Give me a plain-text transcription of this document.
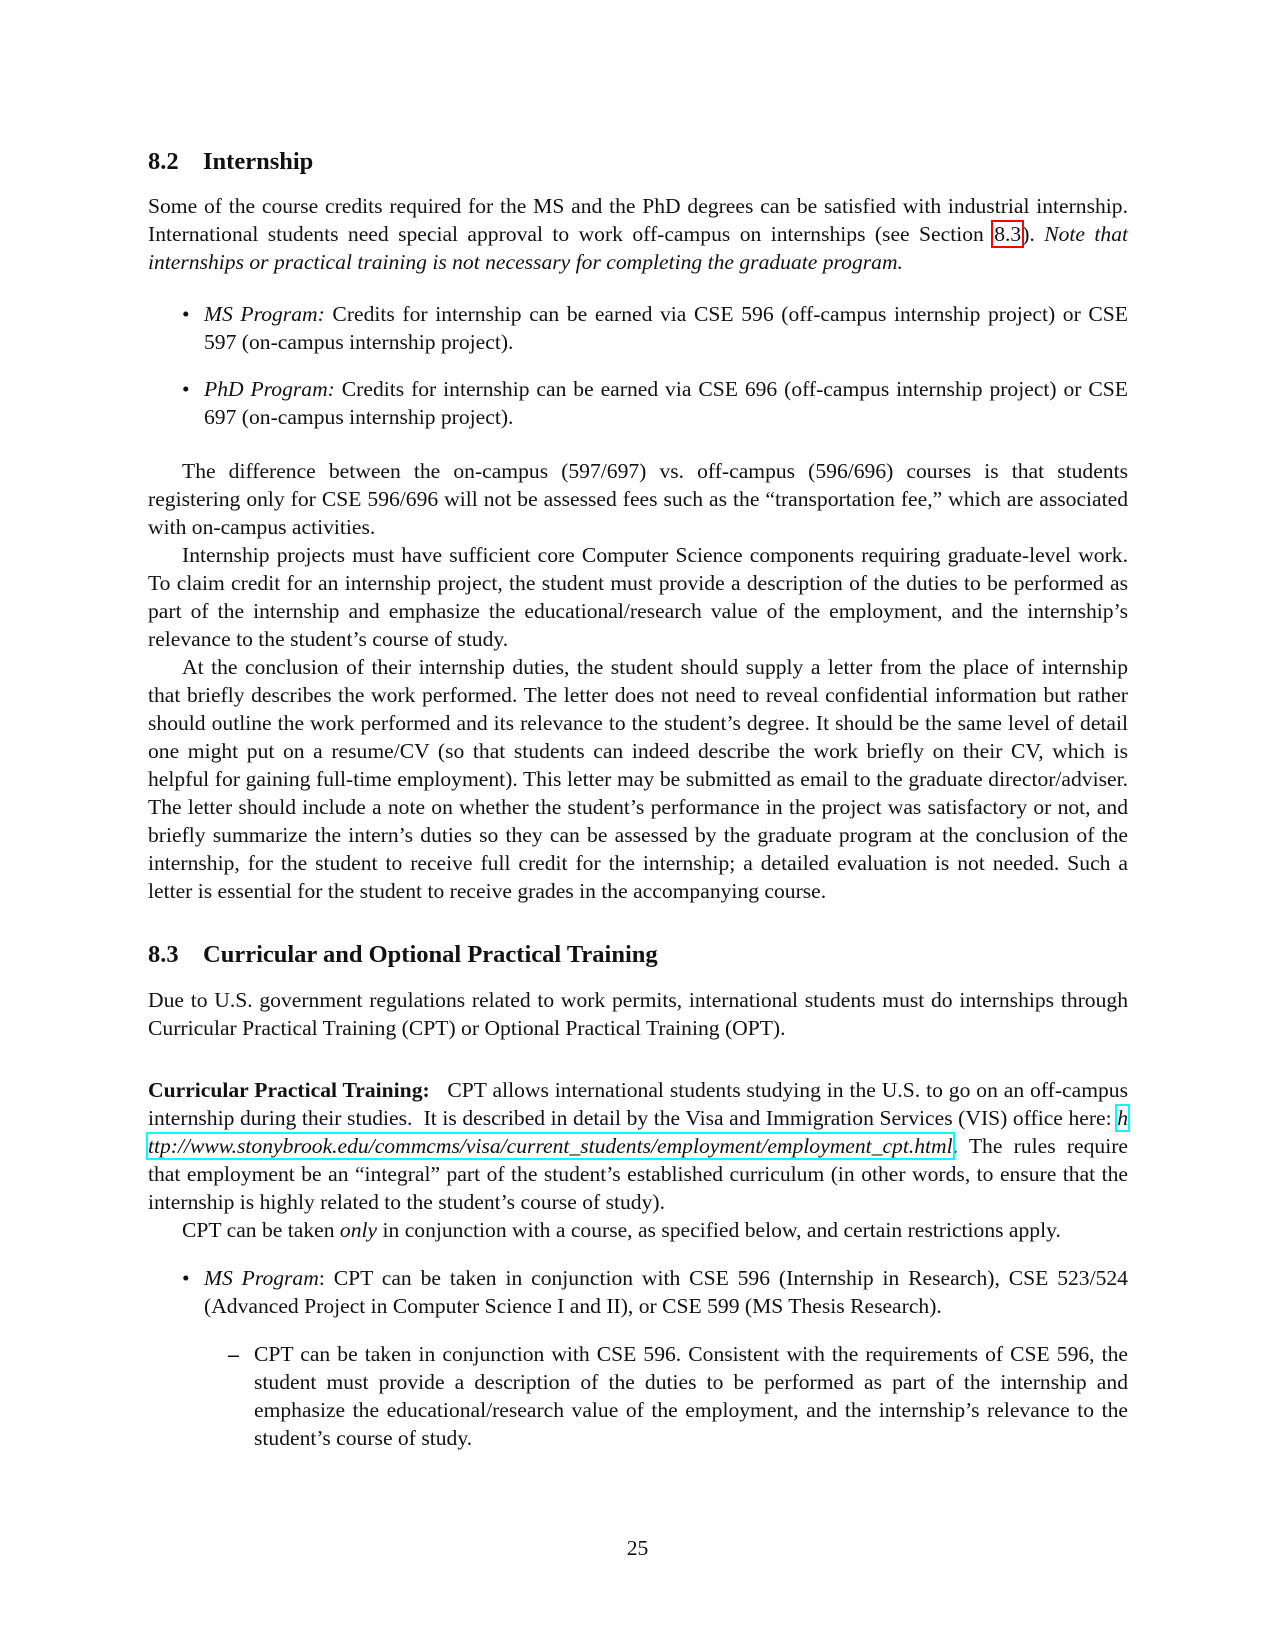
8.2 Internship

Some of the course credits required for the MS and the PhD degrees can be satisfied with industrial internship. International students need special approval to work off-campus on internships (see Section 8.3). Note that internships or practical training is not necessary for completing the graduate program.

• MS Program: Credits for internship can be earned via CSE 596 (off-campus internship project) or CSE 597 (on-campus internship project).
• PhD Program: Credits for internship can be earned via CSE 696 (off-campus internship project) or CSE 697 (on-campus internship project).

The difference between the on-campus (597/697) vs. off-campus (596/696) courses is that students registering only for CSE 596/696 will not be assessed fees such as the “transportation fee,” which are associated with on-campus activities.

Internship projects must have sufficient core Computer Science components requiring graduate-level work. To claim credit for an internship project, the student must provide a description of the duties to be performed as part of the internship and emphasize the educational/research value of the employment, and the internship’s relevance to the student’s course of study.

At the conclusion of their internship duties, the student should supply a letter from the place of internship that briefly describes the work performed. The letter does not need to reveal confidential information but rather should outline the work performed and its relevance to the student’s degree. It should be the same level of detail one might put on a resume/CV (so that students can indeed describe the work briefly on their CV, which is helpful for gaining full-time employment). This letter may be submitted as email to the graduate director/adviser. The letter should include a note on whether the student’s performance in the project was satisfactory or not, and briefly summarize the intern’s duties so they can be assessed by the graduate program at the conclusion of the internship, for the student to receive full credit for the internship; a detailed evaluation is not needed. Such a letter is essential for the student to receive grades in the accompanying course.

8.3 Curricular and Optional Practical Training

Due to U.S. government regulations related to work permits, international students must do internships through Curricular Practical Training (CPT) or Optional Practical Training (OPT).

Curricular Practical Training:   CPT allows international students studying in the U.S. to go on an off-campus internship during their studies.  It is described in detail by the Visa and Immigration Services (VIS) office here: http://www.stonybrook.edu/commcms/visa/current_students/employment/employment_cpt.html. The rules require that employment be an “integral” part of the student’s established curriculum (in other words, to ensure that the internship is highly related to the student’s course of study).

CPT can be taken only in conjunction with a course, as specified below, and certain restrictions apply.

• MS Program: CPT can be taken in conjunction with CSE 596 (Internship in Research), CSE 523/524 (Advanced Project in Computer Science I and II), or CSE 599 (MS Thesis Research).
– CPT can be taken in conjunction with CSE 596. Consistent with the requirements of CSE 596, the student must provide a description of the duties to be performed as part of the internship and emphasize the educational/research value of the employment, and the internship’s relevance to the student’s course of study.
25
